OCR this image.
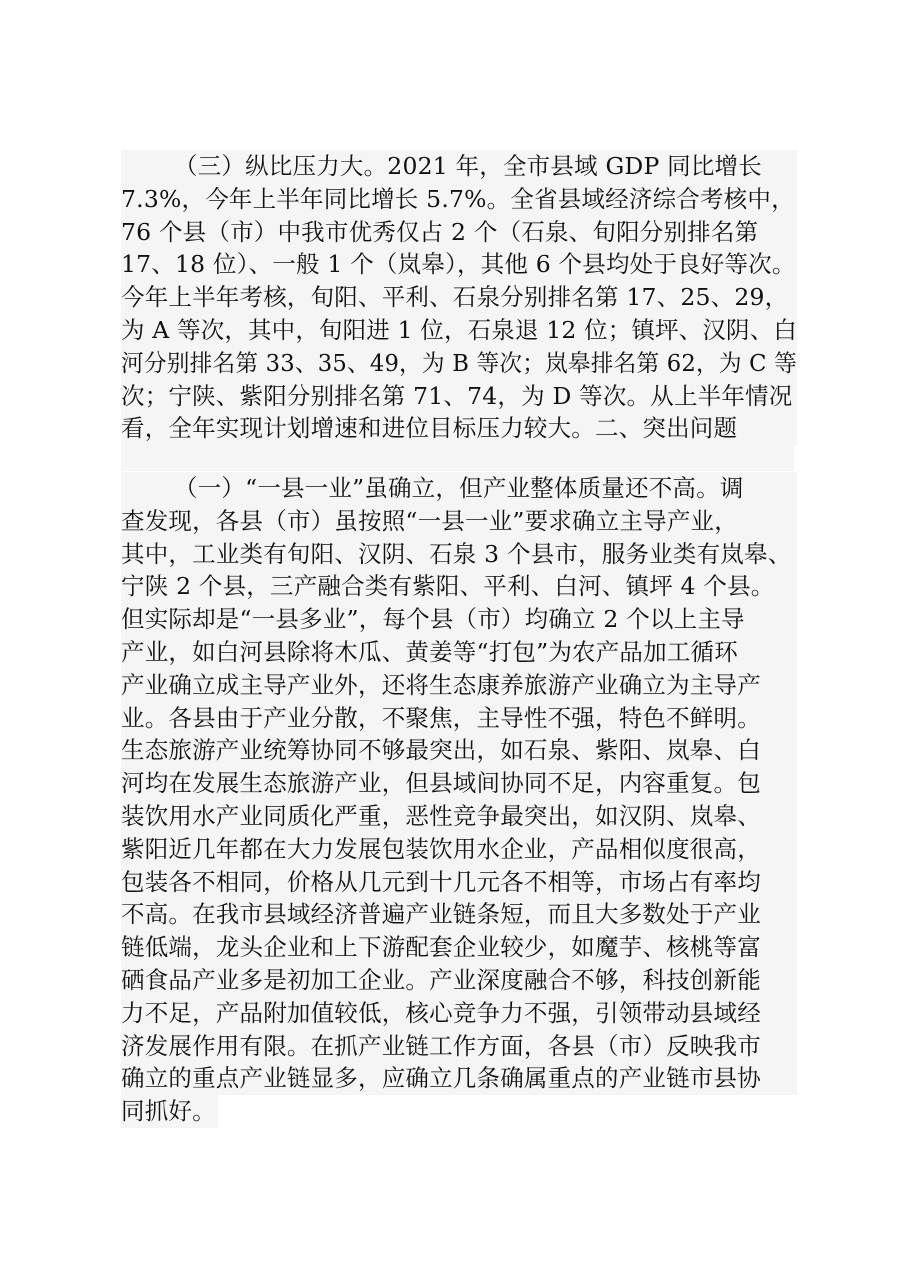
（三）纵比压力大。2021 年，全市县域 GDP 同比增长
7.3%，今年上半年同比增长 5.7%。全省县域经济综合考核中，
76 个县（市）中我市优秀仅占 2 个（石泉、旬阳分别排名第
17、18 位）、一般 1 个（岚皋），其他 6 个县均处于良好等次。
今年上半年考核，旬阳、平利、石泉分别排名第 17、25、29，
为 A 等次，其中，旬阳进 1 位，石泉退 12 位；镇坪、汉阴、白
河分别排名第 33、35、49，为 B 等次；岚皋排名第 62，为 C 等
次；宁陕、紫阳分别排名第 71、74，为 D 等次。从上半年情况
看，全年实现计划增速和进位目标压力较大。二、突出问题
（一）“一县一业”虽确立，但产业整体质量还不高。调
查发现，各县（市）虽按照“一县一业”要求确立主导产业，
其中，工业类有旬阳、汉阴、石泉 3 个县市，服务业类有岚皋、
宁陕 2 个县，三产融合类有紫阳、平利、白河、镇坪 4 个县。
但实际却是“一县多业”，每个县（市）均确立 2 个以上主导
产业，如白河县除将木瓜、黄姜等“打包”为农产品加工循环
产业确立成主导产业外，还将生态康养旅游产业确立为主导产
业。各县由于产业分散，不聚焦，主导性不强，特色不鲜明。
生态旅游产业统筹协同不够最突出，如石泉、紫阳、岚皋、白
河均在发展生态旅游产业，但县域间协同不足，内容重复。包
装饮用水产业同质化严重，恶性竞争最突出，如汉阴、岚皋、
紫阳近几年都在大力发展包装饮用水企业，产品相似度很高，
包装各不相同，价格从几元到十几元各不相等，市场占有率均
不高。在我市县域经济普遍产业链条短，而且大多数处于产业
链低端，龙头企业和上下游配套企业较少，如魔芋、核桃等富
硒食品产业多是初加工企业。产业深度融合不够，科技创新能
力不足，产品附加值较低，核心竞争力不强，引领带动县域经
济发展作用有限。在抓产业链工作方面，各县（市）反映我市
确立的重点产业链显多，应确立几条确属重点的产业链市县协
同抓好。
